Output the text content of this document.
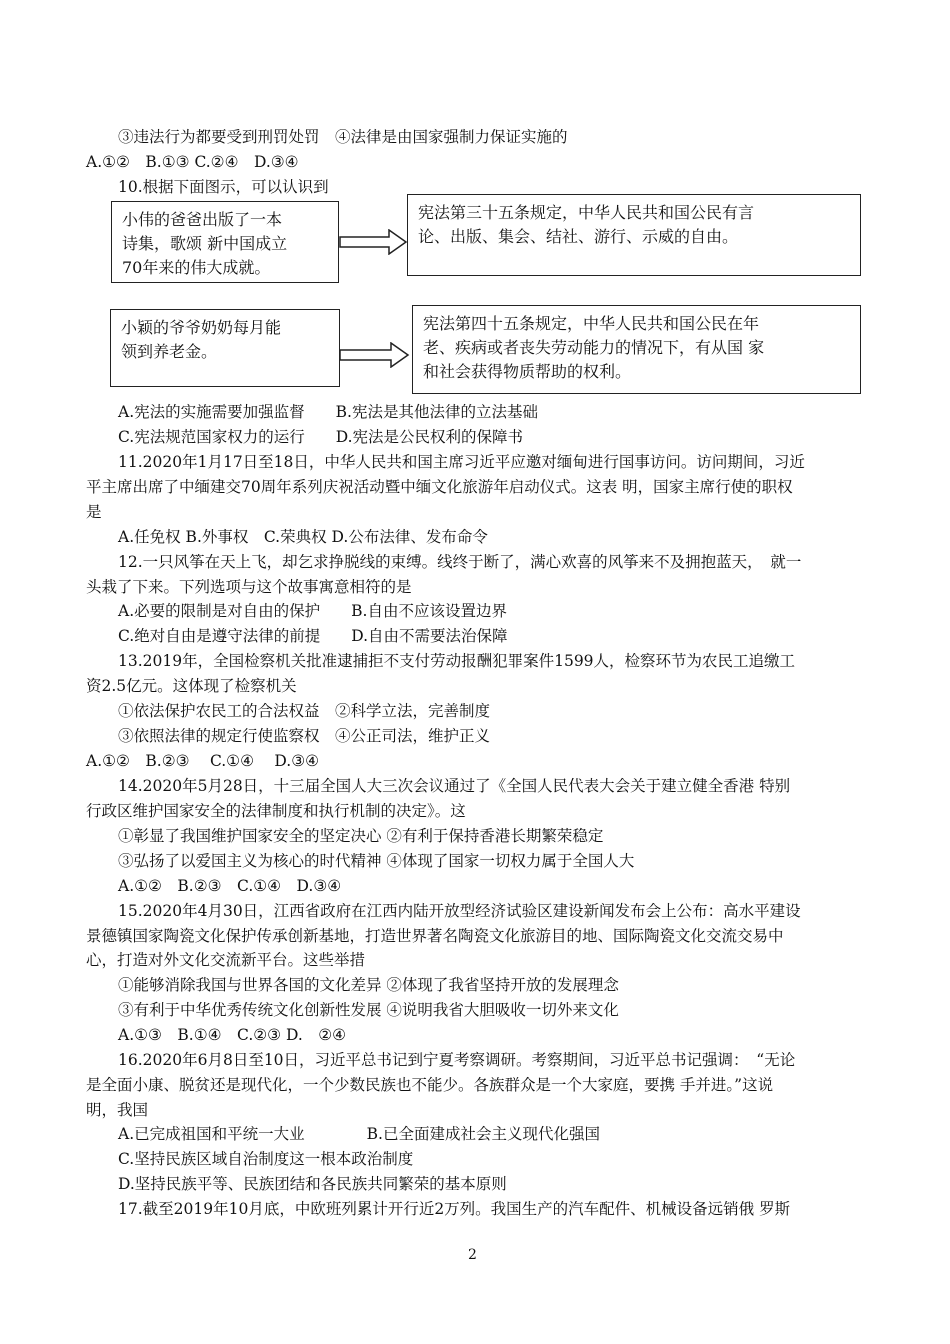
③违法行为都要受到刑罚处罚　④法律是由国家强制力保证实施的
A.①②　B.①③ C.②④　D.③④
10.根据下面图示，可以认识到
小伟的爸爸出版了一本
诗集，歌颂 新中国成立
70年来的伟大成就。
宪法第三十五条规定，中华人民共和国公民有言
论、出版、集会、结社、游行、示威的自由。
小颖的爷爷奶奶每月能
领到养老金。
宪法第四十五条规定，中华人民共和国公民在年
老、疾病或者丧失劳动能力的情况下，有从国 家
和社会获得物质帮助的权利。
A.宪法的实施需要加强监督　　B.宪法是其他法律的立法基础
C.宪法规范国家权力的运行　　D.宪法是公民权利的保障书
11.2020年1月17日至18日，中华人民共和国主席习近平应邀对缅甸进行国事访问。访问期间，习近
平主席出席了中缅建交70周年系列庆祝活动暨中缅文化旅游年启动仪式。这表 明，国家主席行使的职权
是
A.任免权 B.外事权　C.荣典权 D.公布法律、发布命令
12.一只风筝在天上飞，却乞求挣脱线的束缚。线终于断了，满心欢喜的风筝来不及拥抱蓝天，　就一
头栽了下来。下列选项与这个故事寓意相符的是
A.必要的限制是对自由的保护　　B.自由不应该设置边界
C.绝对自由是遵守法律的前提　　D.自由不需要法治保障
13.2019年，全国检察机关批准逮捕拒不支付劳动报酬犯罪案件1599人，检察环节为农民工追缴工
资2.5亿元。这体现了检察机关
①依法保护农民工的合法权益　②科学立法，完善制度
③依照法律的规定行使监察权　④公正司法，维护正义
A.①②　B.②③　 C.①④　 D.③④
14.2020年5月28日，十三届全国人大三次会议通过了《全国人民代表大会关于建立健全香港 特别
行政区维护国家安全的法律制度和执行机制的决定》。这
①彰显了我国维护国家安全的坚定决心 ②有利于保持香港长期繁荣稳定
③弘扬了以爱国主义为核心的时代精神 ④体现了国家一切权力属于全国人大
A.①②　B.②③　C.①④　D.③④
15.2020年4月30日，江西省政府在江西内陆开放型经济试验区建设新闻发布会上公布：高水平建设
景德镇国家陶瓷文化保护传承创新基地，打造世界著名陶瓷文化旅游目的地、国际陶瓷文化交流交易中
心，打造对外文化交流新平台。这些举措
①能够消除我国与世界各国的文化差异 ②体现了我省坚持开放的发展理念
③有利于中华优秀传统文化创新性发展 ④说明我省大胆吸收一切外来文化
A.①③　B.①④　C.②③ D.　②④
16.2020年6月8日至10日，习近平总书记到宁夏考察调研。考察期间，习近平总书记强调：　“无论
是全面小康、脱贫还是现代化，一个少数民族也不能少。各族群众是一个大家庭，要携 手并进。”这说
明，我国
A.已完成祖国和平统一大业　　　　B.已全面建成社会主义现代化强国
C.坚持民族区域自治制度这一根本政治制度
D.坚持民族平等、民族团结和各民族共同繁荣的基本原则
17.截至2019年10月底，中欧班列累计开行近2万列。我国生产的汽车配件、机械设备远销俄 罗斯
2
